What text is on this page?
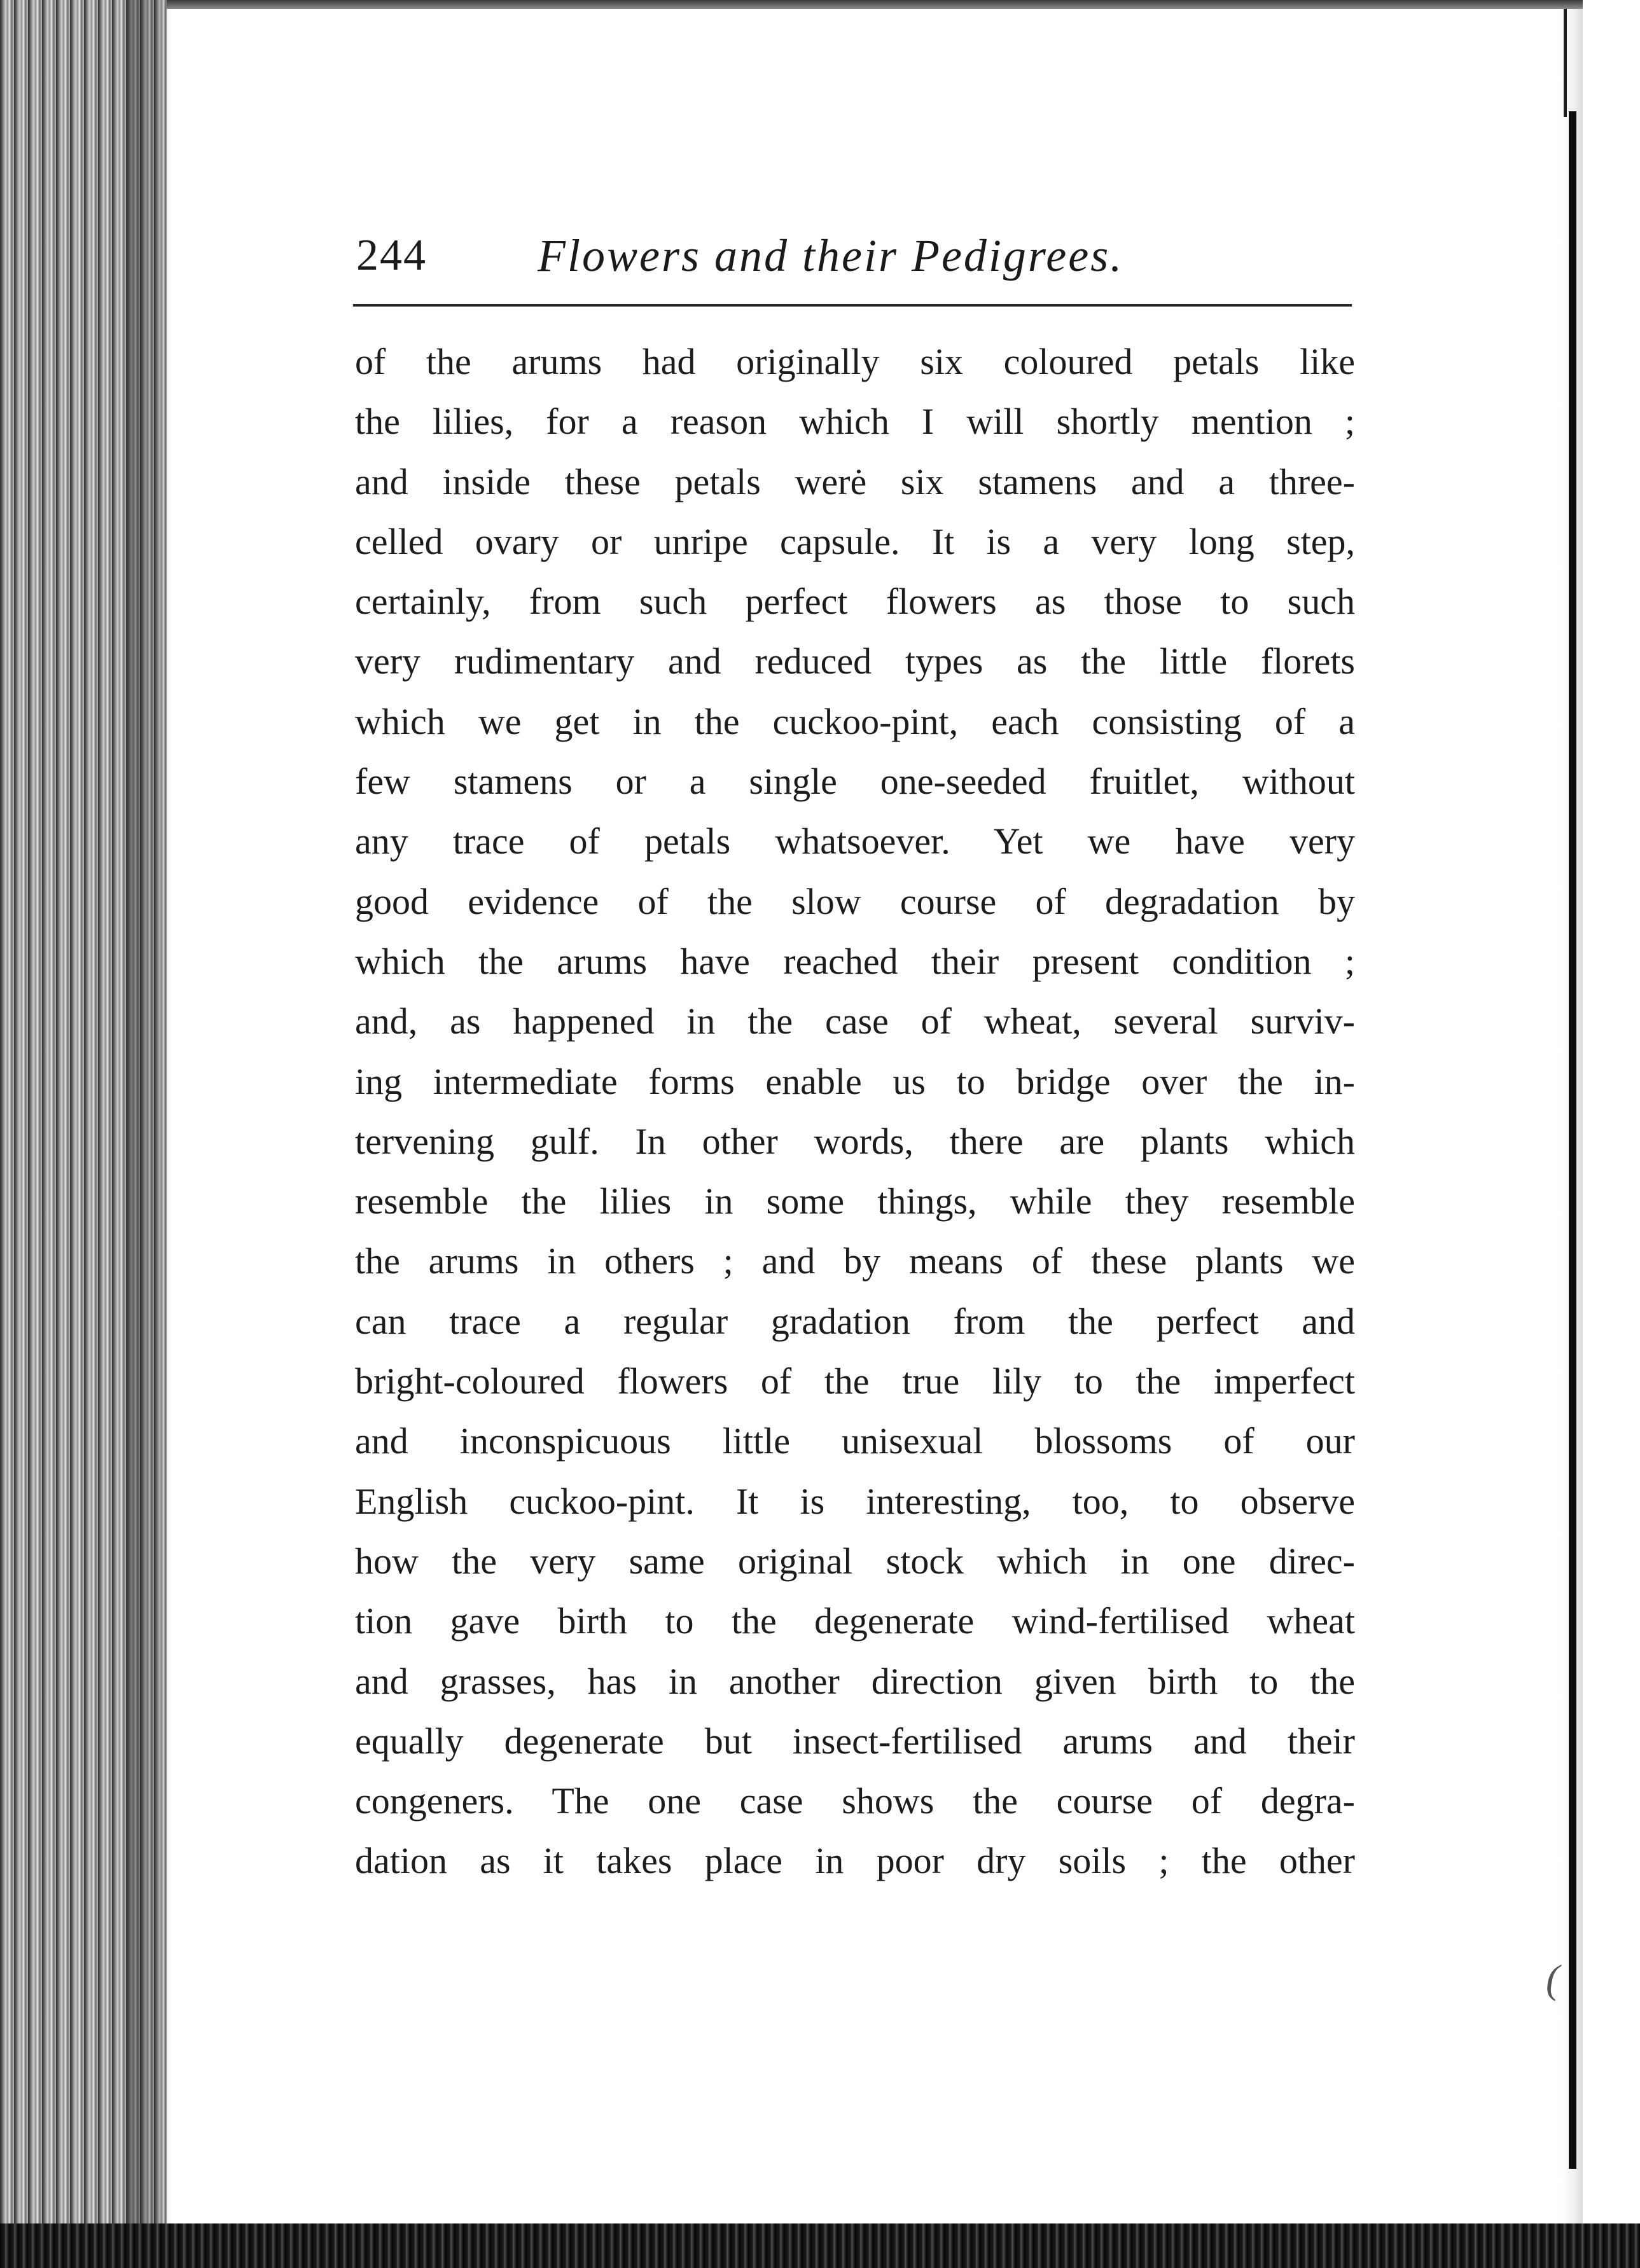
(
244 Flowers and their Pedigrees.
of the arums had originally six coloured petals like
the lilies, for a reason which I will shortly mention ;
and inside these petals werė six stamens and a three-
celled ovary or unripe capsule. It is a very long step,
certainly, from such perfect flowers as those to such
very rudimentary and reduced types as the little florets
which we get in the cuckoo-pint, each consisting of a
few stamens or a single one-seeded fruitlet, without
any trace of petals whatsoever. Yet we have very
good evidence of the slow course of degradation by
which the arums have reached their present condition ;
and, as happened in the case of wheat, several surviv-
ing intermediate forms enable us to bridge over the in-
tervening gulf. In other words, there are plants which
resemble the lilies in some things, while they resemble
the arums in others ; and by means of these plants we
can trace a regular gradation from the perfect and
bright-coloured flowers of the true lily to the imperfect
and inconspicuous little unisexual blossoms of our
English cuckoo-pint. It is interesting, too, to observe
how the very same original stock which in one direc-
tion gave birth to the degenerate wind-fertilised wheat
and grasses, has in another direction given birth to the
equally degenerate but insect-fertilised arums and their
congeners. The one case shows the course of degra-
dation as it takes place in poor dry soils ; the other
